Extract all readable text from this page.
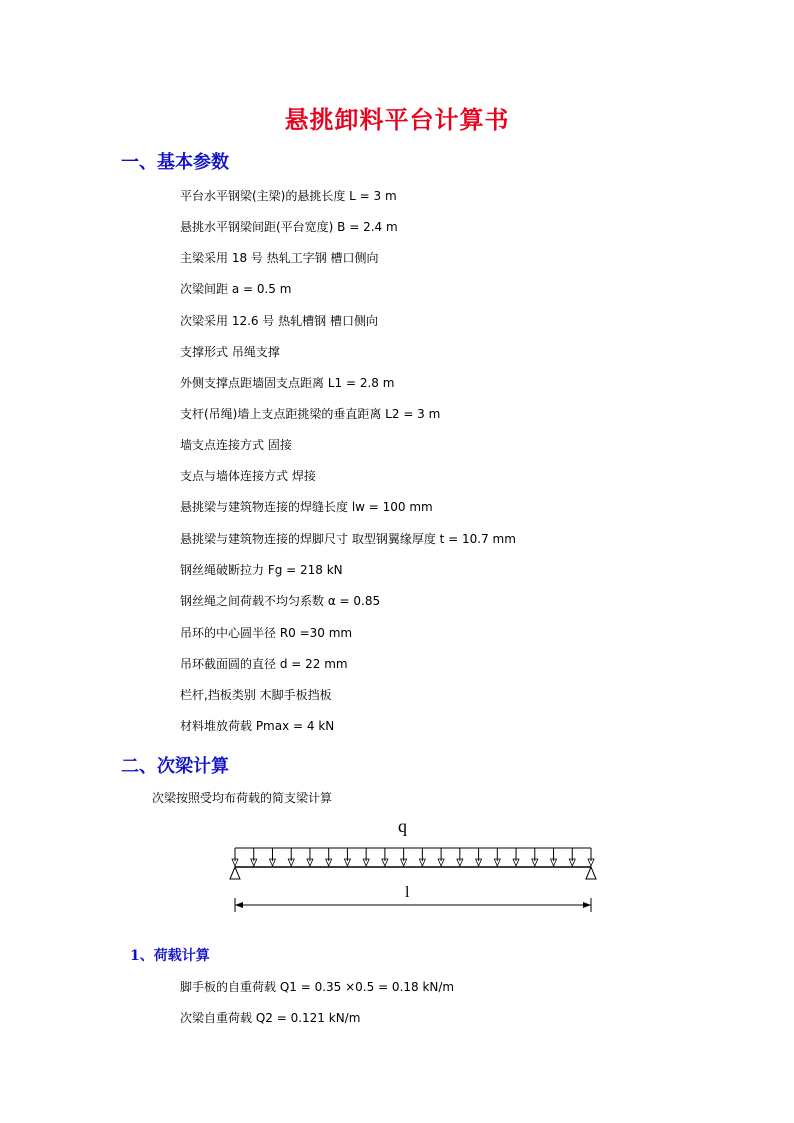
悬挑卸料平台计算书
一、基本参数
平台水平钢梁(主梁)的悬挑长度 L = 3 m
悬挑水平钢梁间距(平台宽度) B = 2.4 m
主梁采用 18 号 热轧工字钢 槽口侧向
次梁间距 a = 0.5 m
次梁采用 12.6 号 热轧槽钢 槽口侧向
支撑形式 吊绳支撑
外侧支撑点距墙固支点距离 L1 = 2.8 m
支杆(吊绳)墙上支点距挑梁的垂直距离 L2 = 3 m
墙支点连接方式 固接
支点与墙体连接方式 焊接
悬挑梁与建筑物连接的焊缝长度 lw = 100 mm
悬挑梁与建筑物连接的焊脚尺寸 取型钢翼缘厚度 t = 10.7 mm
钢丝绳破断拉力 Fg = 218 kN
钢丝绳之间荷载不均匀系数 α = 0.85
吊环的中心圆半径 R0 =30 mm
吊环截面圆的直径 d = 22 mm
栏杆,挡板类别 木脚手板挡板
材料堆放荷载 Pmax = 4 kN
二、次梁计算
次梁按照受均布荷载的简支梁计算
q
l
1、荷载计算
脚手板的自重荷载 Q1 = 0.35 ×0.5 = 0.18 kN/m
次梁自重荷载 Q2 = 0.121 kN/m
